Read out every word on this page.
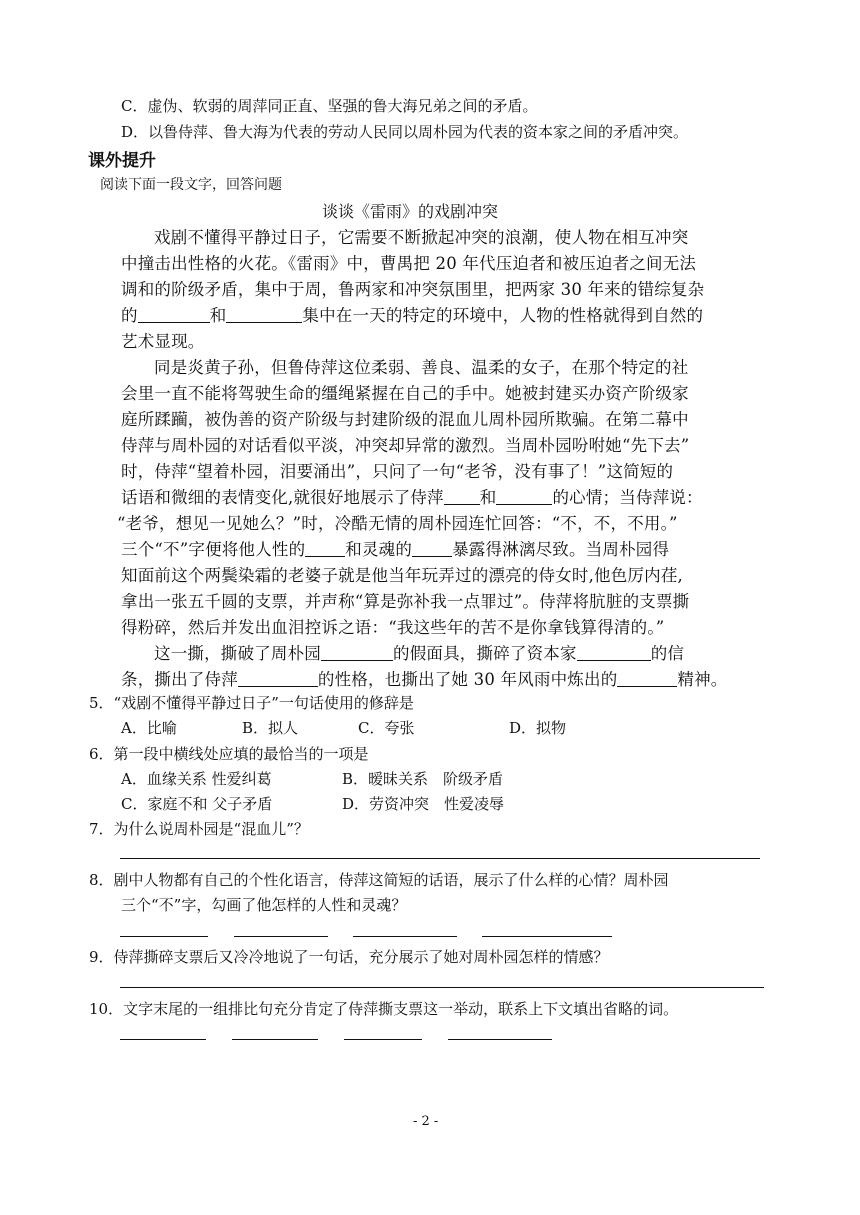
C．虚伪、软弱的周萍同正直、坚强的鲁大海兄弟之间的矛盾。
D．以鲁侍萍、鲁大海为代表的劳动人民同以周朴园为代表的资本家之间的矛盾冲突。
课外提升
阅读下面一段文字，回答问题
谈谈《雷雨》的戏剧冲突
戏剧不懂得平静过日子，它需要不断掀起冲突的浪潮，使人物在相互冲突
中撞击出性格的火花。《雷雨》中，曹禺把 20 年代压迫者和被压迫者之间无法
调和的阶级矛盾，集中于周，鲁两家和冲突氛围里，把两家 30 年来的错综复杂
的	和	集中在一天的特定的环境中，人物的性格就得到自然的
艺术显现。
同是炎黄子孙，但鲁侍萍这位柔弱、善良、温柔的女子，在那个特定的社
会里一直不能将驾驶生命的缰绳紧握在自己的手中。她被封建买办资产阶级家
庭所蹂躏，被伪善的资产阶级与封建阶级的混血儿周朴园所欺骗。在第二幕中
侍萍与周朴园的对话看似平淡，冲突却异常的激烈。当周朴园吩咐她“先下去”
时，侍萍“望着朴园，泪要涌出”，只问了一句“老爷，没有事了！”这简短的
话语和微细的表情变化,就很好地展示了侍萍 和	的心情；当侍萍说：
“老爷，想见一见她么？”时，冷酷无情的周朴园连忙回答：“不，不，不用。”
三个“不”字便将他人性的 和灵魂的 暴露得淋漓尽致。当周朴园得
知面前这个两鬓染霜的老婆子就是他当年玩弄过的漂亮的侍女时,他色厉内荏,
拿出一张五千圆的支票，并声称“算是弥补我一点罪过”。侍萍将肮脏的支票撕
得粉碎，然后并发出血泪控诉之语：“我这些年的苦不是你拿钱算得清的。”
这一撕，撕破了周朴园	的假面具，撕碎了资本家	的信
条，撕出了侍萍	的性格，也撕出了她 30 年风雨中炼出的	精神。
5．“戏剧不懂得平静过日子”一句话使用的修辞是
A．比喻	B．拟人	C．夸张	D．拟物
6．第一段中横线处应填的最恰当的一项是
A．血缘关系 性爱纠葛	B．暧昧关系　阶级矛盾
C．家庭不和 父子矛盾	D．劳资冲突　性爱凌辱
7．为什么说周朴园是“混血儿”？
8．剧中人物都有自己的个性化语言，侍萍这简短的话语，展示了什么样的心情？周朴园
三个“不”字，勾画了他怎样的人性和灵魂？
9．侍萍撕碎支票后又冷冷地说了一句话，充分展示了她对周朴园怎样的情感？
10．文字末尾的一组排比句充分肯定了侍萍撕支票这一举动，联系上下文填出省略的词。
- 2 -
